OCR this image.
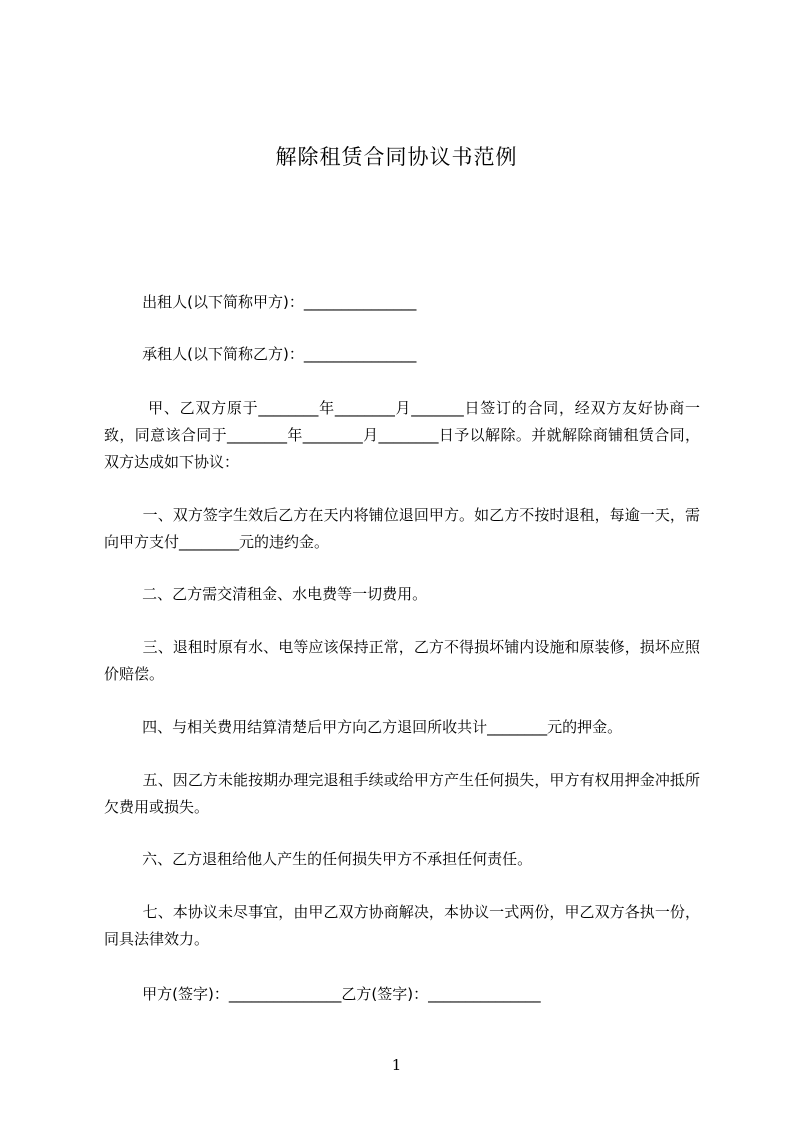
解除租赁合同协议书范例
出租人(以下简称甲方)：_______________
承租人(以下简称乙方)：_______________
甲、乙双方原于________年________月_______日签订的合同，经双方友好协商一致，同意该合同于________年________月________日予以解除。并就解除商铺租赁合同，双方达成如下协议：
一、双方签字生效后乙方在天内将铺位退回甲方。如乙方不按时退租，每逾一天，需向甲方支付________元的违约金。
二、乙方需交清租金、水电费等一切费用。
三、退租时原有水、电等应该保持正常，乙方不得损坏铺内设施和原装修，损坏应照价赔偿。
四、与相关费用结算清楚后甲方向乙方退回所收共计________元的押金。
五、因乙方未能按期办理完退租手续或给甲方产生任何损失，甲方有权用押金冲抵所欠费用或损失。
六、乙方退租给他人产生的任何损失甲方不承担任何责任。
七、本协议未尽事宜，由甲乙双方协商解决，本协议一式两份，甲乙双方各执一份，同具法律效力。
甲方(签字)：_______________乙方(签字)：_______________
1
